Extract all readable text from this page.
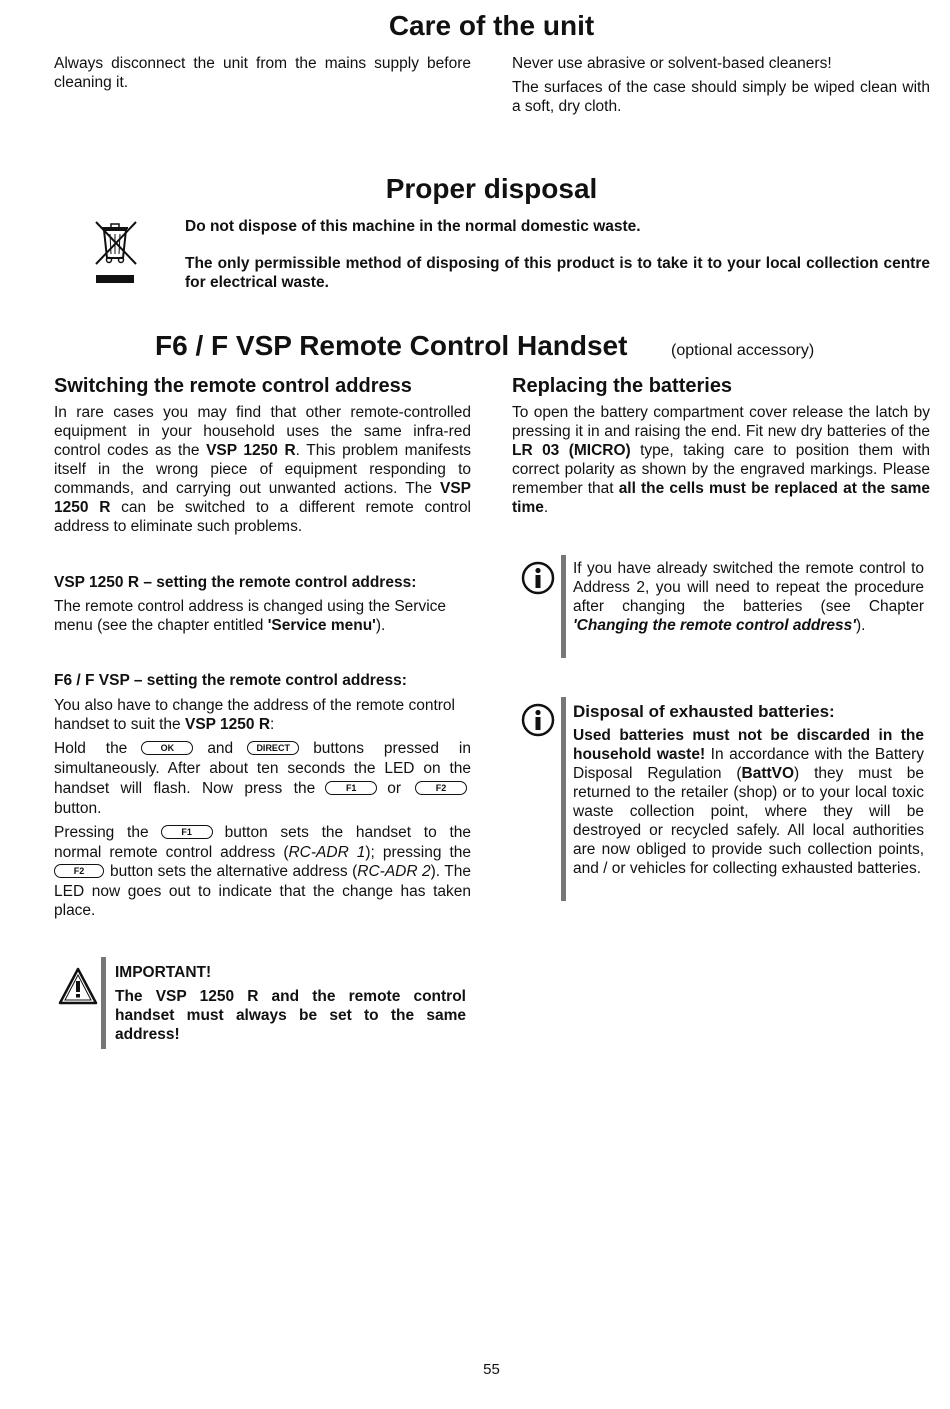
Care of the unit

Always disconnect the unit from the mains supply before cleaning it.

Never use abrasive or solvent-based cleaners!

The surfaces of the case should simply be wiped clean with a soft, dry cloth.

Proper disposal

Do not dispose of this machine in the normal domestic waste.

The only permissible method of disposing of this product is to take it to your local collection centre for electrical waste.

F6 / F VSP Remote Control Handset	(optional accessory)
Switching the remote control address

In rare cases you may find that other remote-controlled equipment in your household uses the same infra-red control codes as the VSP 1250 R. This problem manifests itself in the wrong piece of equipment responding to commands, and carrying out unwanted actions. The VSP 1250 R can be switched to a different remote control address to eliminate such problems.

VSP 1250 R – setting the remote control address:

The remote control address is changed using the Service menu (see the chapter entitled 'Service menu').

F6 / F VSP – setting the remote control address:

You also have to change the address of the remote control handset to suit the VSP 1250 R:

Hold the	OK and	DIRECT buttons pressed in simultaneously. After about ten seconds the LED on the handset will flash. Now press the	F1 or	F2 button.

Pressing the	F1 button sets the handset to the normal remote control address (RC-ADR 1); pressing the F2 button sets the alternative address (RC-ADR 2). The LED now goes out to indicate that the change has taken place.

IMPORTANT!

The VSP 1250 R and the remote control handset must always be set to the same address!

Replacing the batteries

To open the battery compartment cover release the latch by pressing it in and raising the end. Fit new dry batteries of the LR 03 (MICRO) type, taking care to position them with correct polarity as shown by the engraved markings. Please remember that all the cells must be replaced at the same time.

If you have already switched the remote control to Address 2, you will need to repeat the procedure after changing the batteries (see Chapter 'Changing the remote control address').

Disposal of exhausted batteries:

Used batteries must not be discarded in the household waste! In accordance with the Battery Disposal Regulation (BattVO) they must be returned to the retailer (shop) or to your local toxic waste collection point, where they will be destroyed or recycled safely. All local authorities are now obliged to provide such collection points, and / or vehicles for collecting exhausted batteries.

55
